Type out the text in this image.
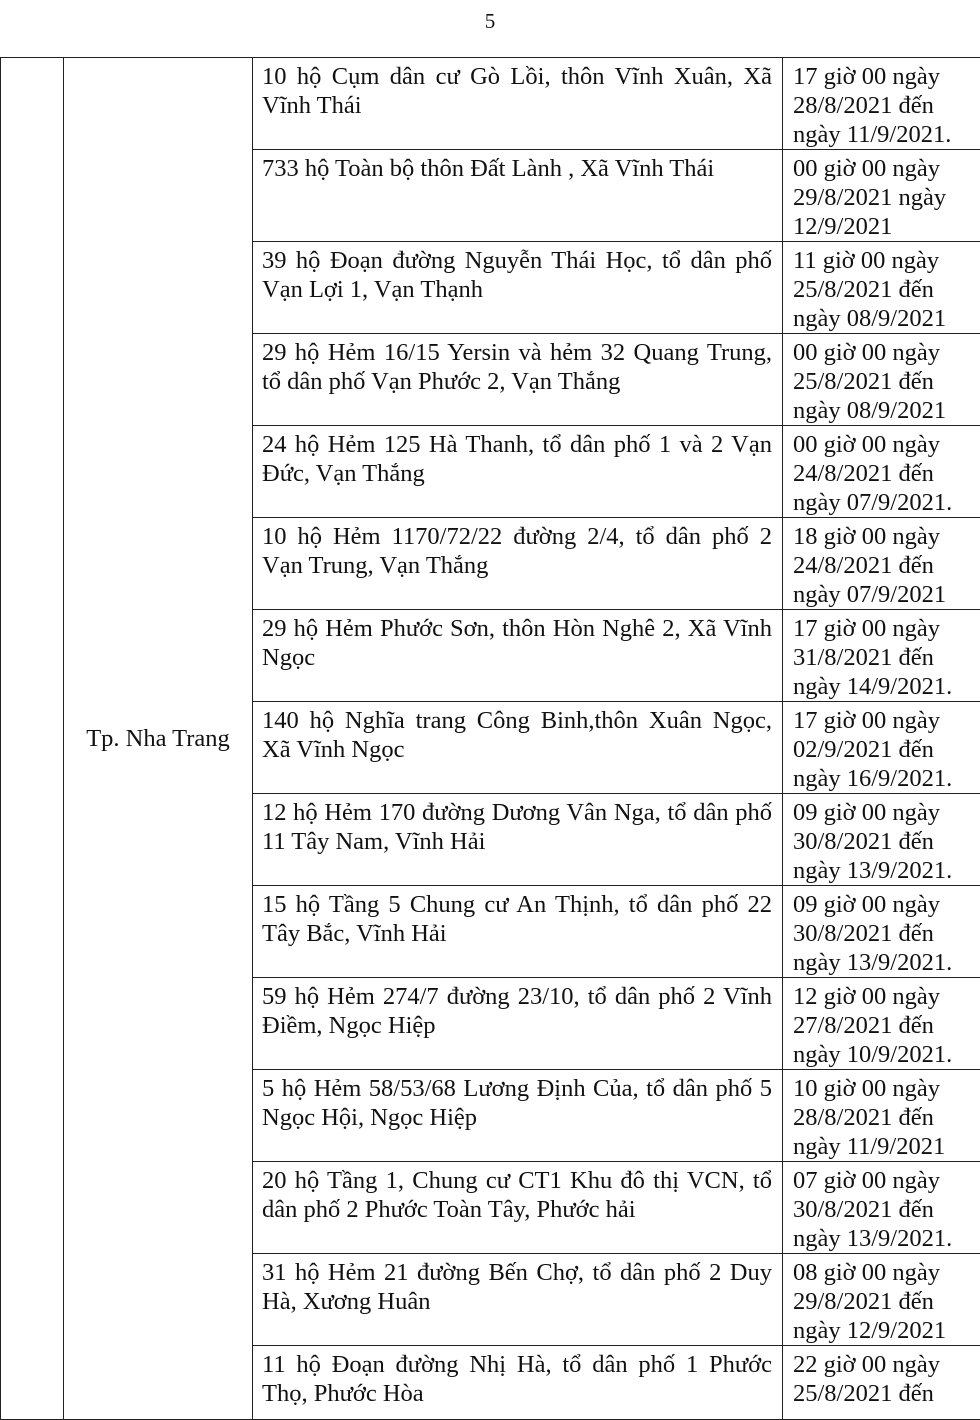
5
	Tp. Nha Trang	10 hộ Cụm dân cư Gò Lồi, thôn Vĩnh Xuân, Xã Vĩnh Thái	17 giờ 00 ngày
28/8/2021 đến
ngày 11/9/2021.

		733 hộ Toàn bộ thôn Đất Lành , Xã Vĩnh Thái	00 giờ 00 ngày
29/8/2021 ngày
12/9/2021

		39 hộ Đoạn đường Nguyễn Thái Học, tổ dân phố Vạn Lợi 1, Vạn Thạnh	11 giờ 00 ngày
25/8/2021 đến
ngày 08/9/2021

		29 hộ Hẻm 16/15 Yersin và hẻm 32 Quang Trung, tổ dân phố Vạn Phước 2, Vạn Thắng	00 giờ 00 ngày
25/8/2021 đến
ngày 08/9/2021

		24 hộ Hẻm 125 Hà Thanh, tổ dân phố 1 và 2 Vạn Đức, Vạn Thắng	00 giờ 00 ngày
24/8/2021 đến
ngày 07/9/2021.

		10 hộ Hẻm 1170/72/22 đường 2/4, tổ dân phố 2 Vạn Trung, Vạn Thắng	18 giờ 00 ngày
24/8/2021 đến
ngày 07/9/2021

		29 hộ Hẻm Phước Sơn, thôn Hòn Nghê 2, Xã Vĩnh Ngọc	17 giờ 00 ngày
31/8/2021 đến
ngày 14/9/2021.

		140 hộ Nghĩa trang Công Binh,thôn Xuân Ngọc, Xã Vĩnh Ngọc	17 giờ 00 ngày
02/9/2021 đến
ngày 16/9/2021.

		12 hộ Hẻm 170 đường Dương Vân Nga, tổ dân phố 11 Tây Nam, Vĩnh Hải	09 giờ 00 ngày
30/8/2021 đến
ngày 13/9/2021.

		15 hộ Tầng 5 Chung cư An Thịnh, tổ dân phố 22 Tây Bắc, Vĩnh Hải	09 giờ 00 ngày
30/8/2021 đến
ngày 13/9/2021.

		59 hộ Hẻm 274/7 đường 23/10, tổ dân phố 2 Vĩnh Điềm, Ngọc Hiệp	12 giờ 00 ngày
27/8/2021 đến
ngày 10/9/2021.

		5 hộ Hẻm 58/53/68 Lương Định Của, tổ dân phố 5 Ngọc Hội, Ngọc Hiệp	10 giờ 00 ngày
28/8/2021 đến
ngày 11/9/2021

		20 hộ Tầng 1, Chung cư CT1 Khu đô thị VCN, tổ dân phố 2 Phước Toàn Tây, Phước hải	07 giờ 00 ngày
30/8/2021 đến
ngày 13/9/2021.

		31 hộ Hẻm 21 đường Bến Chợ, tổ dân phố 2 Duy Hà, Xương Huân	08 giờ 00 ngày
29/8/2021 đến
ngày 12/9/2021

		11 hộ Đoạn đường Nhị Hà, tổ dân phố 1 Phước Thọ, Phước Hòa	22 giờ 00 ngày
25/8/2021 đến
